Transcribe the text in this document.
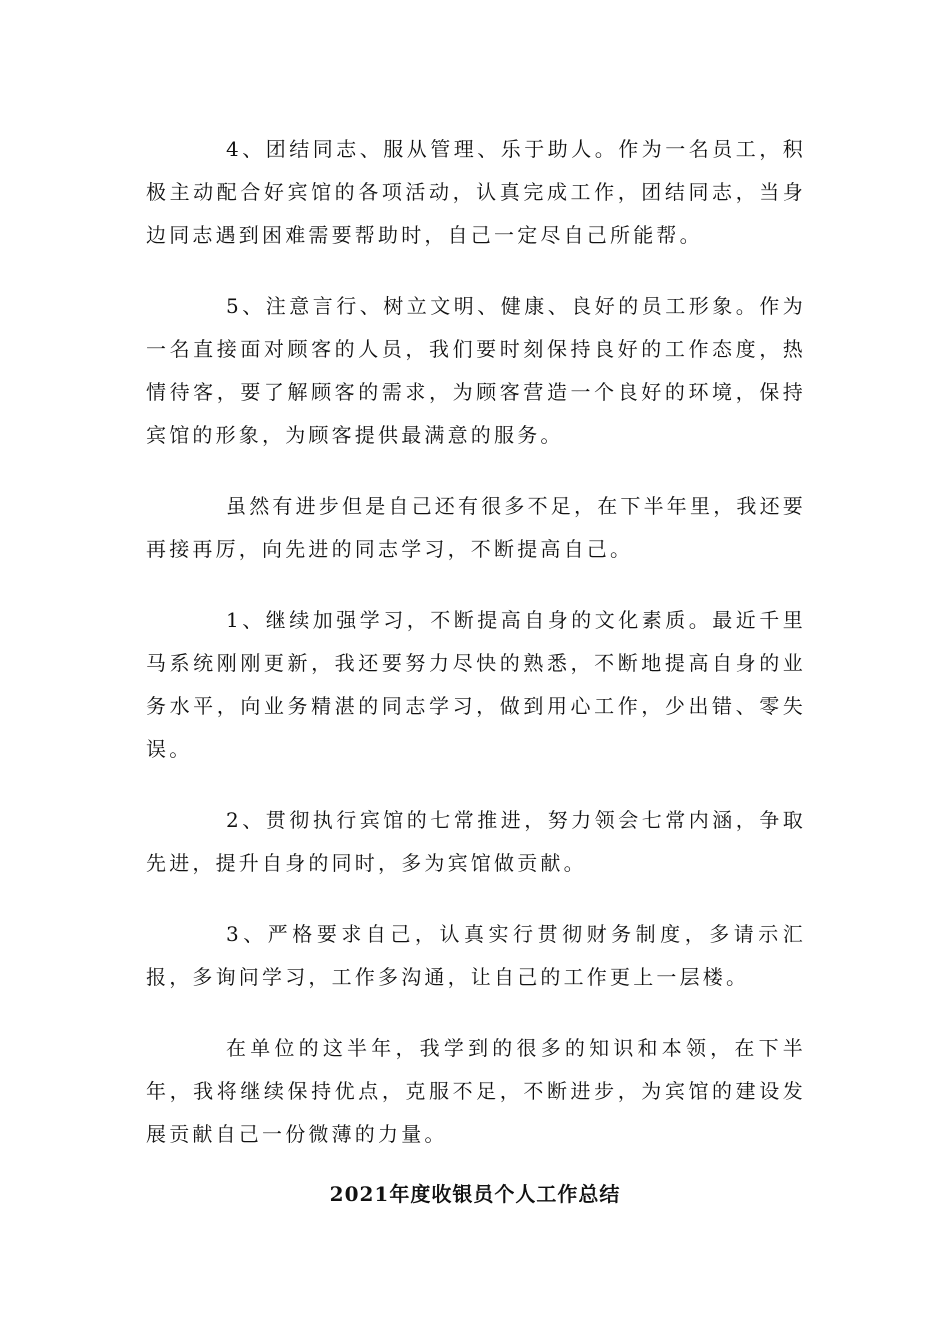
4、团结同志、服从管理、乐于助人。作为一名员工，积极主动配合好宾馆的各项活动，认真完成工作，团结同志，当身边同志遇到困难需要帮助时，自己一定尽自己所能帮。

5、注意言行、树立文明、健康、良好的员工形象。作为一名直接面对顾客的人员，我们要时刻保持良好的工作态度，热情待客，要了解顾客的需求，为顾客营造一个良好的环境，保持宾馆的形象，为顾客提供最满意的服务。

虽然有进步但是自己还有很多不足，在下半年里，我还要再接再厉，向先进的同志学习，不断提高自己。

1、继续加强学习，不断提高自身的文化素质。最近千里马系统刚刚更新，我还要努力尽快的熟悉，不断地提高自身的业务水平，向业务精湛的同志学习，做到用心工作，少出错、零失误。

2、贯彻执行宾馆的七常推进，努力领会七常内涵，争取先进，提升自身的同时，多为宾馆做贡献。

3、严格要求自己，认真实行贯彻财务制度，多请示汇报，多询问学习，工作多沟通，让自己的工作更上一层楼。

在单位的这半年，我学到的很多的知识和本领，在下半年，我将继续保持优点，克服不足，不断进步，为宾馆的建设发展贡献自己一份微薄的力量。

2021年度收银员个人工作总结
